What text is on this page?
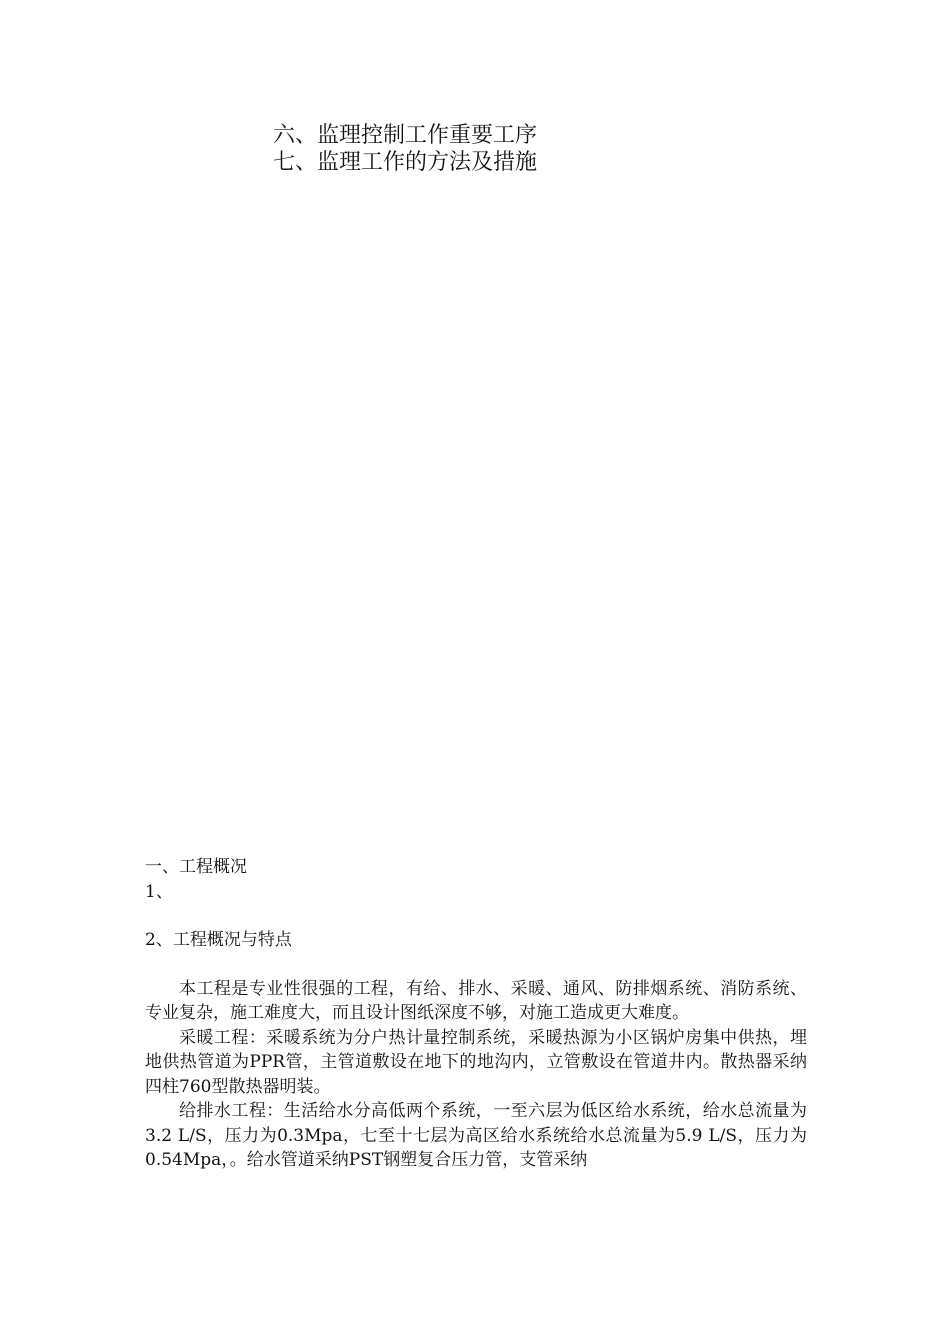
六、监理控制工作重要工序
七、监理工作的方法及措施
一、工程概况
1、
2、工程概况与特点

本工程是专业性很强的工程，有给、排水、采暖、通风、防排烟系统、消防系统、专业复杂，施工难度大，而且设计图纸深度不够，对施工造成更大难度。

采暖工程：采暖系统为分户热计量控制系统，采暖热源为小区锅炉房集中供热，埋地供热管道为PPR管，主管道敷设在地下的地沟内，立管敷设在管道井内。散热器采纳四柱760型散热器明装。

给排水工程：生活给水分高低两个系统，一至六层为低区给水系统，给水总流量为3.2 L/S，压力为0.3Mpa，七至十七层为高区给水系统给水总流量为5.9 L/S，压力为0.54Mpa，。给水管道采纳PST钢塑复合压力管，支管采纳
